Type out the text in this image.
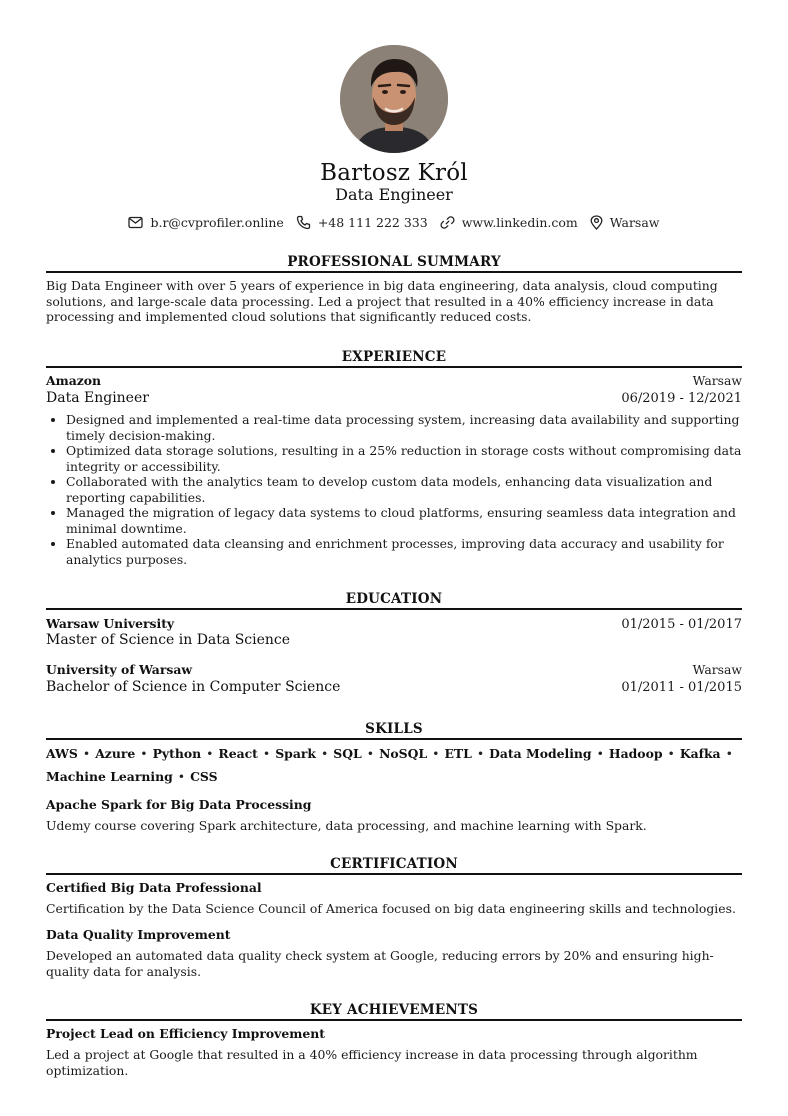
Bartosz Król
Data Engineer
b.r@cvprofiler.online	+48 111 222 333	www.linkedin.com	Warsaw
PROFESSIONAL SUMMARY
Big Data Engineer with over 5 years of experience in big data engineering, data analysis, cloud computing solutions, and large-scale data processing. Led a project that resulted in a 40% efficiency increase in data processing and implemented cloud solutions that significantly reduced costs.
EXPERIENCE
Amazon	Warsaw
Data Engineer	06/2019 - 12/2021
• Designed and implemented a real-time data processing system, increasing data availability and supporting timely decision-making.
• Optimized data storage solutions, resulting in a 25% reduction in storage costs without compromising data integrity or accessibility.
• Collaborated with the analytics team to develop custom data models, enhancing data visualization and reporting capabilities.
• Managed the migration of legacy data systems to cloud platforms, ensuring seamless data integration and minimal downtime.
• Enabled automated data cleansing and enrichment processes, improving data accuracy and usability for analytics purposes.
EDUCATION
Warsaw University	01/2015 - 01/2017
Master of Science in Data Science
University of Warsaw	Warsaw
Bachelor of Science in Computer Science	01/2011 - 01/2015
SKILLS
AWS • Azure • Python • React • Spark • SQL • NoSQL • ETL • Data Modeling • Hadoop • Kafka •
Machine Learning • CSS
Apache Spark for Big Data Processing
Udemy course covering Spark architecture, data processing, and machine learning with Spark.
CERTIFICATION
Certified Big Data Professional
Certification by the Data Science Council of America focused on big data engineering skills and technologies.
Data Quality Improvement
Developed an automated data quality check system at Google, reducing errors by 20% and ensuring high-quality data for analysis.
KEY ACHIEVEMENTS
Project Lead on Efficiency Improvement
Led a project at Google that resulted in a 40% efficiency increase in data processing through algorithm optimization.
